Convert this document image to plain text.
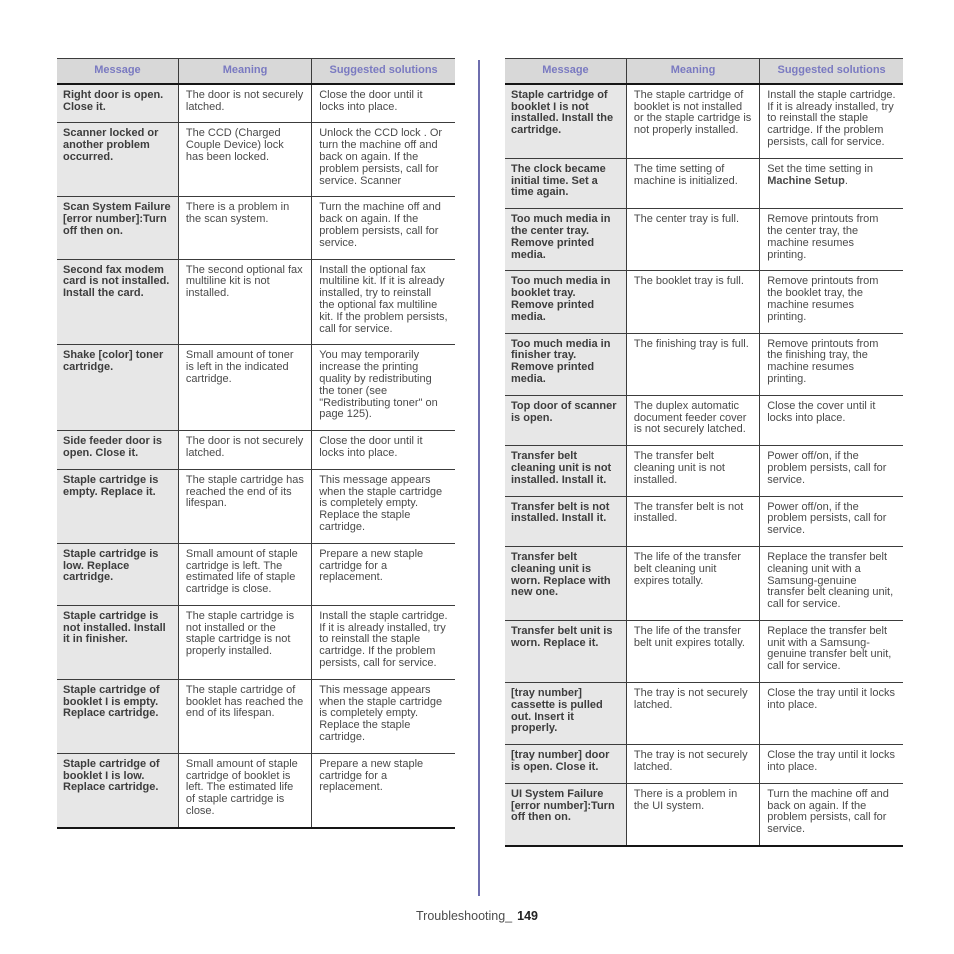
Message	Meaning	Suggested solutions
Right door is open. Close it.	The door is not securely latched.	Close the door until it locks into place.
Scanner locked or another problem occurred.	The CCD (Charged Couple Device) lock has been locked.	Unlock the CCD lock . Or turn the machine off and back on again. If the problem persists, call for service. Scanner
Scan System Failure [error number]:Turn off then on.	There is a problem in the scan system.	Turn the machine off and back on again. If the problem persists, call for service.
Second fax modem card is not installed. Install the card.	The second optional fax multiline kit is not installed.	Install the optional fax multiline kit. If it is already installed, try to reinstall the optional fax multiline kit. If the problem persists, call for service.
Shake [color] toner cartridge.	Small amount of toner is left in the indicated cartridge.	You may temporarily increase the printing quality by redistributing the toner (see "Redistributing toner" on page 125).
Side feeder door is open. Close it.	The door is not securely latched.	Close the door until it locks into place.
Staple cartridge is empty. Replace it.	The staple cartridge has reached the end of its lifespan.	This message appears when the staple cartridge is completely empty. Replace the staple cartridge.
Staple cartridge is low. Replace cartridge.	Small amount of staple cartridge is left. The estimated life of staple cartridge is close.	Prepare a new staple cartridge for a replacement.
Staple cartridge is not installed. Install it in finisher.	The staple cartridge is not installed or the staple cartridge is not properly installed.	Install the staple cartridge. If it is already installed, try to reinstall the staple cartridge. If the problem persists, call for service.
Staple cartridge of booklet I is empty. Replace cartridge.	The staple cartridge of booklet has reached the end of its lifespan.	This message appears when the staple cartridge is completely empty. Replace the staple cartridge.
Staple cartridge of booklet I is low. Replace cartridge.	Small amount of staple cartridge of booklet is left. The estimated life of staple cartridge is close.	Prepare a new staple cartridge for a replacement.
Message	Meaning	Suggested solutions
Staple cartridge of booklet I is not installed. Install the cartridge.	The staple cartridge of booklet is not installed or the staple cartridge is not properly installed.	Install the staple cartridge. If it is already installed, try to reinstall the staple cartridge. If the problem persists, call for service.
The clock became initial time. Set a time again.	The time setting of machine is initialized.	Set the time setting in Machine Setup.
Too much media in the center tray. Remove printed media.	The center tray is full.	Remove printouts from the center tray, the machine resumes printing.
Too much media in booklet tray. Remove printed media.	The booklet tray is full.	Remove printouts from the booklet tray, the machine resumes printing.
Too much media in finisher tray. Remove printed media.	The finishing tray is full.	Remove printouts from the finishing tray, the machine resumes printing.
Top door of scanner is open.	The duplex automatic document feeder cover is not securely latched.	Close the cover until it locks into place.
Transfer belt cleaning unit is not installed. Install it.	The transfer belt cleaning unit is not installed.	Power off/on, if the problem persists, call for service.
Transfer belt is not installed. Install it.	The transfer belt is not installed.	Power off/on, if the problem persists, call for service.
Transfer belt cleaning unit is worn. Replace with new one.	The life of the transfer belt cleaning unit expires totally.	Replace the transfer belt cleaning unit with a Samsung-genuine transfer belt cleaning unit, call for service.
Transfer belt unit is worn. Replace it.	The life of the transfer belt unit expires totally.	Replace the transfer belt unit with a Samsung-genuine transfer belt unit, call for service.
[tray number] cassette is pulled out. Insert it properly.	The tray is not securely latched.	Close the tray until it locks into place.
[tray number] door is open. Close it.	The tray is not securely latched.	Close the tray until it locks into place.
UI System Failure [error number]:Turn off then on.	There is a problem in the UI system.	Turn the machine off and back on again. If the problem persists, call for service.
Troubleshooting_ 149
